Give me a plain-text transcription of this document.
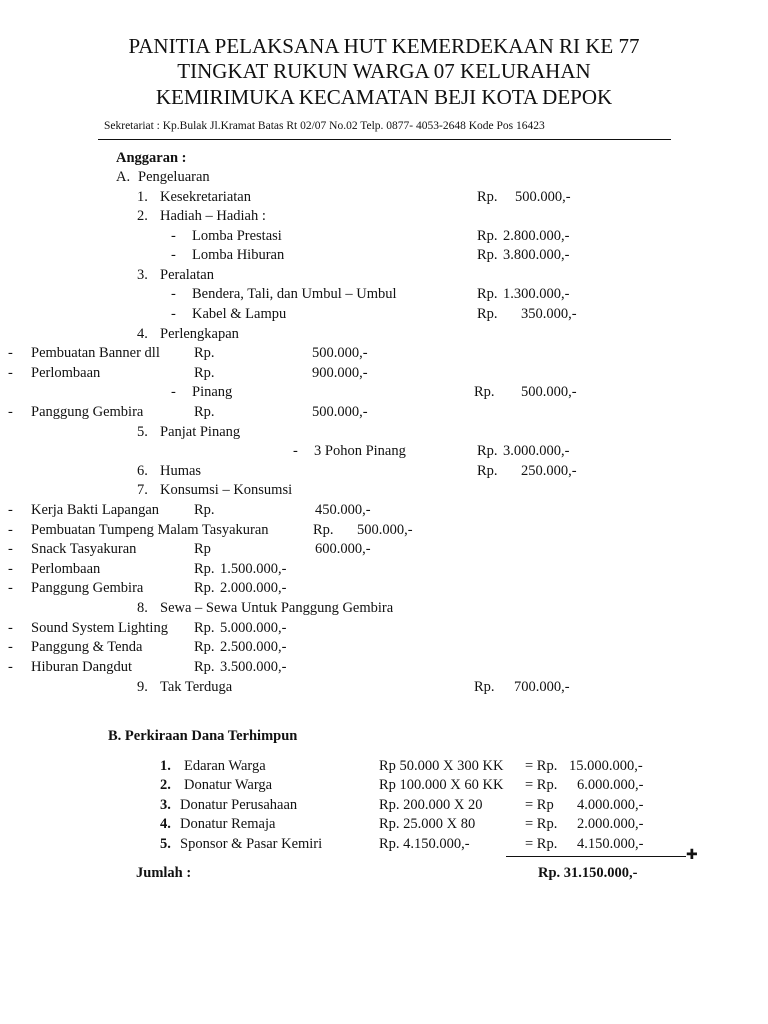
PANITIA PELAKSANA HUT KEMERDEKAAN RI KE 77
TINGKAT RUKUN WARGA 07 KELURAHAN
KEMIRIMUKA KECAMATAN BEJI KOTA DEPOK
Sekretariat : Kp.Bulak Jl.Kramat Batas Rt 02/07 No.02 Telp. 0877- 4053-2648 Kode Pos 16423
Anggaran :
A. Pengeluaran
1. Kesekretariatan	Rp. 500.000,-
2. Hadiah – Hadiah :
- Lomba Prestasi	Rp. 2.800.000,-
- Lomba Hiburan	Rp. 3.800.000,-
3. Peralatan
- Bendera, Tali, dan Umbul – Umbul	Rp. 1.300.000,-
- Kabel & Lampu	Rp. 350.000,-
4. Perlengkapan
- Pembuatan Banner dll Rp.	500.000,-
- Perlombaan	Rp.	900.000,-
- Pinang	Rp. 500.000,-
- Panggung Gembira	Rp.	500.000,-
5. Panjat Pinang
- 3 Pohon Pinang	Rp. 3.000.000,-
6. Humas	Rp. 250.000,-
7. Konsumsi – Konsumsi
- Kerja Bakti Lapangan Rp.	450.000,-
- Pembuatan Tumpeng Malam Tasyakuran	Rp. 500.000,-
- Snack Tasyakuran	Rp	600.000,-
- Perlombaan	Rp. 1.500.000,-
- Panggung Gembira	Rp. 2.000.000,-
8. Sewa – Sewa Untuk Panggung Gembira
- Sound System Lighting Rp. 5.000.000,-
- Panggung & Tenda	Rp. 2.500.000,-
- Hiburan Dangdut	Rp. 3.500.000,-
9. Tak Terduga	Rp. 700.000,-
B. Perkiraan Dana Terhimpun
1. Edaran Warga	Rp 50.000 X 300 KK = Rp. 15.000.000,-
2. Donatur Warga	Rp 100.000 X 60 KK = Rp. 6.000.000,-
3. Donatur Perusahaan	Rp. 200.000 X 20	= Rp 4.000.000,-
4. Donatur Remaja	Rp. 25.000 X 80	= Rp. 2.000.000,-
5. Sponsor & Pasar Kemiri	Rp. 4.150.000,-	= Rp. 4.150.000,-
✚
Jumlah :	Rp. 31.150.000,-
